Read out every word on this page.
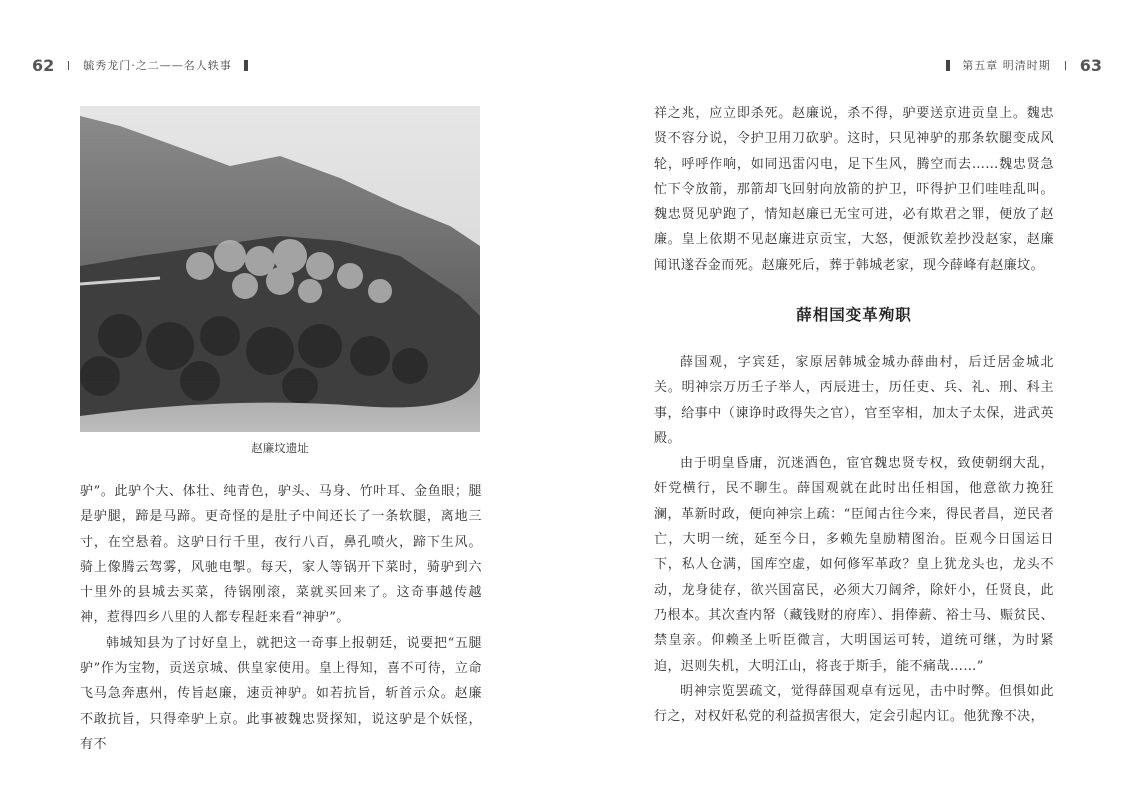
62	毓秀龙门·之二——名人轶事
赵廉坟遗址

驴”。此驴个大、体壮、纯青色，驴头、马身、竹叶耳、金鱼眼；腿是驴腿，蹄是马蹄。更奇怪的是肚子中间还长了一条软腿，离地三寸，在空悬着。这驴日行千里，夜行八百，鼻孔喷火，蹄下生风。骑上像腾云驾雾，风驰电掣。每天，家人等锅开下菜时，骑驴到六十里外的县城去买菜，待锅刚滚，菜就买回来了。这奇事越传越神，惹得四乡八里的人都专程赶来看“神驴”。

韩城知县为了讨好皇上，就把这一奇事上报朝廷，说要把“五腿驴”作为宝物，贡送京城、供皇家使用。皇上得知，喜不可待，立命飞马急奔惠州，传旨赵廉，速贡神驴。如若抗旨，斩首示众。赵廉不敢抗旨，只得牵驴上京。此事被魏忠贤探知，说这驴是个妖怪，有不

第五章 明清时期 63

祥之兆，应立即杀死。赵廉说，杀不得，驴要送京进贡皇上。魏忠贤不容分说，令护卫用刀砍驴。这时，只见神驴的那条软腿变成风轮，呼呼作响，如同迅雷闪电，足下生风，腾空而去……魏忠贤急忙下令放箭，那箭却飞回射向放箭的护卫，吓得护卫们哇哇乱叫。魏忠贤见驴跑了，情知赵廉已无宝可进，必有欺君之罪，便放了赵廉。皇上依期不见赵廉进京贡宝，大怒，便派钦差抄没赵家，赵廉闻讯遂吞金而死。赵廉死后，葬于韩城老家，现今薛峰有赵廉坟。

薛相国变革殉职

薛国观，字宾廷，家原居韩城金城办薛曲村，后迁居金城北关。明神宗万历壬子举人，丙辰进士，历任吏、兵、礼、刑、科主事，给事中（谏诤时政得失之官），官至宰相，加太子太保，进武英殿。

由于明皇昏庸，沉迷酒色，宦官魏忠贤专权，致使朝纲大乱，奸党横行，民不聊生。薛国观就在此时出任相国，他意欲力挽狂澜，革新时政，便向神宗上疏：“臣闻古往今来，得民者昌，逆民者亡，大明一统，延至今日，多赖先皇励精图治。臣观今日国运日下，私人仓满，国库空虚，如何修军革政？皇上犹龙头也，龙头不动，龙身徒存，欲兴国富民，必须大刀阔斧，除奸小，任贤良，此乃根本。其次查内帑（藏钱财的府库）、捐俸薪、裕士马、赈贫民、禁皇亲。仰赖圣上听臣微言，大明国运可转，道统可继，为时紧迫，迟则失机，大明江山，将丧于斯手，能不痛哉……”

明神宗览罢疏文，觉得薛国观卓有远见，击中时弊。但惧如此行之，对权奸私党的利益损害很大，定会引起内讧。他犹豫不决，
